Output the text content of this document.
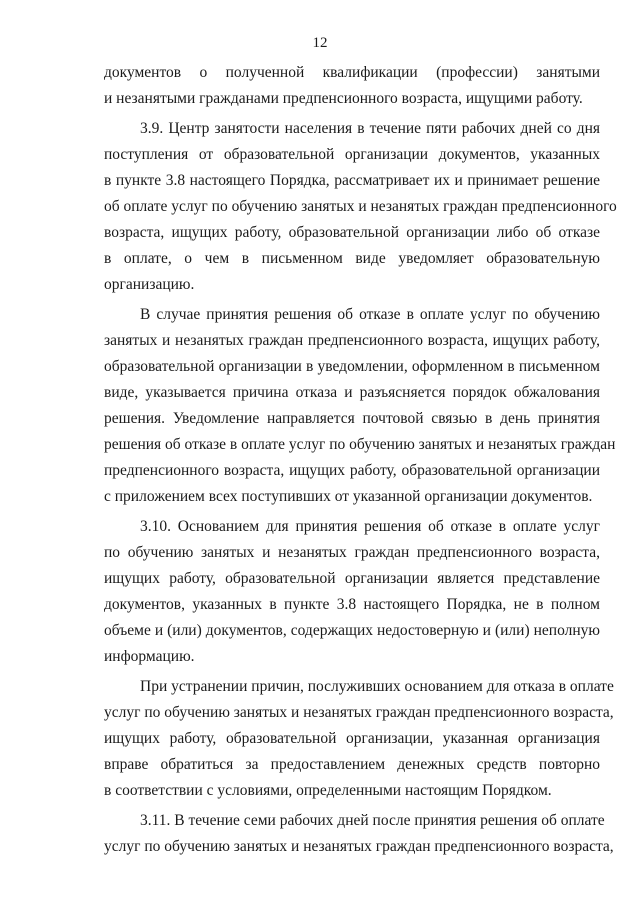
12

документов о полученной квалификации (профессии) занятыми
и незанятыми гражданами предпенсионного возраста, ищущими работу.

3.9. Центр занятости населения в течение пяти рабочих дней со дня
поступления от образовательной организации документов, указанных
в пункте 3.8 настоящего Порядка, рассматривает их и принимает решение
об оплате услуг по обучению занятых и незанятых граждан предпенсионного
возраста, ищущих работу, образовательной организации либо об отказе
в оплате, о чем в письменном виде уведомляет образовательную
организацию.

В случае принятия решения об отказе в оплате услуг по обучению
занятых и незанятых граждан предпенсионного возраста, ищущих работу,
образовательной организации в уведомлении, оформленном в письменном
виде, указывается причина отказа и разъясняется порядок обжалования
решения. Уведомление направляется почтовой связью в день принятия
решения об отказе в оплате услуг по обучению занятых и незанятых граждан
предпенсионного возраста, ищущих работу, образовательной организации
с приложением всех поступивших от указанной организации документов.

3.10. Основанием для принятия решения об отказе в оплате услуг
по обучению занятых и незанятых граждан предпенсионного возраста,
ищущих работу, образовательной организации является представление
документов, указанных в пункте 3.8 настоящего Порядка, не в полном
объеме и (или) документов, содержащих недостоверную и (или) неполную
информацию.

При устранении причин, послуживших основанием для отказа в оплате
услуг по обучению занятых и незанятых граждан предпенсионного возраста,
ищущих работу, образовательной организации, указанная организация
вправе обратиться за предоставлением денежных средств повторно
в соответствии с условиями, определенными настоящим Порядком.

3.11. В течение семи рабочих дней после принятия решения об оплате
услуг по обучению занятых и незанятых граждан предпенсионного возраста,
